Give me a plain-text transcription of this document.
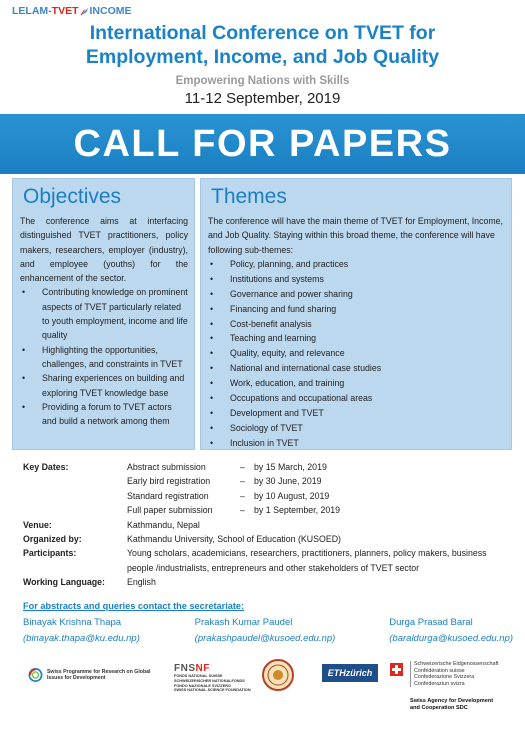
LELAM- TVET INCOME
International Conference on TVET for
Employment, Income, and Job Quality
Empowering Nations with Skills
11-12 September, 2019
CALL FOR PAPERS
Objectives

The conference aims at interfacing distinguished TVET practitioners, policy makers, researchers, employer (industry), and employee (youths) for the enhancement of the sector.

• Contributing knowledge on prominent aspects of TVET particularly related to youth employment, income and life quality
• Highlighting the opportunities, challenges, and constraints in TVET
• Sharing experiences on building and exploring TVET knowledge base
• Providing a forum to TVET actors and build a network among them
Themes

The conference will have the main theme of TVET for Employment, Income, and Job Quality. Staying within this broad theme, the conference will have following sub-themes:

• Policy, planning, and practices
• Institutions and systems
• Governance and power sharing
• Financing and fund sharing
• Cost-benefit analysis
• Teaching and learning
• Quality, equity, and relevance
• National and international case studies
• Work, education, and training
• Occupations and occupational areas
• Development and TVET
• Sociology of TVET
• Inclusion in TVET
Key Dates:	Abstract submission	–	by 15 March, 2019
Early bird registration	–	by 30 June, 2019
Standard registration	–	by 10 August, 2019
Full paper submission	–	by 1 September, 2019
Venue:	Kathmandu, Nepal
Organized by:	Kathmandu University, School of Education (KUSOED)
Participants:	Young scholars, academicians, researchers, practitioners, planners, policy makers, business people /industrialists, entrepreneurs and other stakeholders of TVET sector
Working Language:	English
For abstracts and queries contact the secretariate:
Binayak Krishna Thapa
(binayak.thapa@ku.edu.np)
Prakash Kumar Paudel
(prakashpaudel@kusoed.edu.np)
Durga Prasad Baral
(baraldurga@kusoed.edu.np)
Swiss Programme for Research on Global Issues for Development
FNSNF
FONDS NATIONAL SUISSE
SCHWEIZERISCHER NATIONALFONDS
FONDO NAZIONALE SVIZZERO
SWISS NATIONAL SCIENCE FOUNDATION
ETHzürich
Schweizerische Eidgenossenschaft
Confédération suisse
Confederazione Svizzera
Confederaziun svizra
Swiss Agency for Development
and Cooperation SDC
